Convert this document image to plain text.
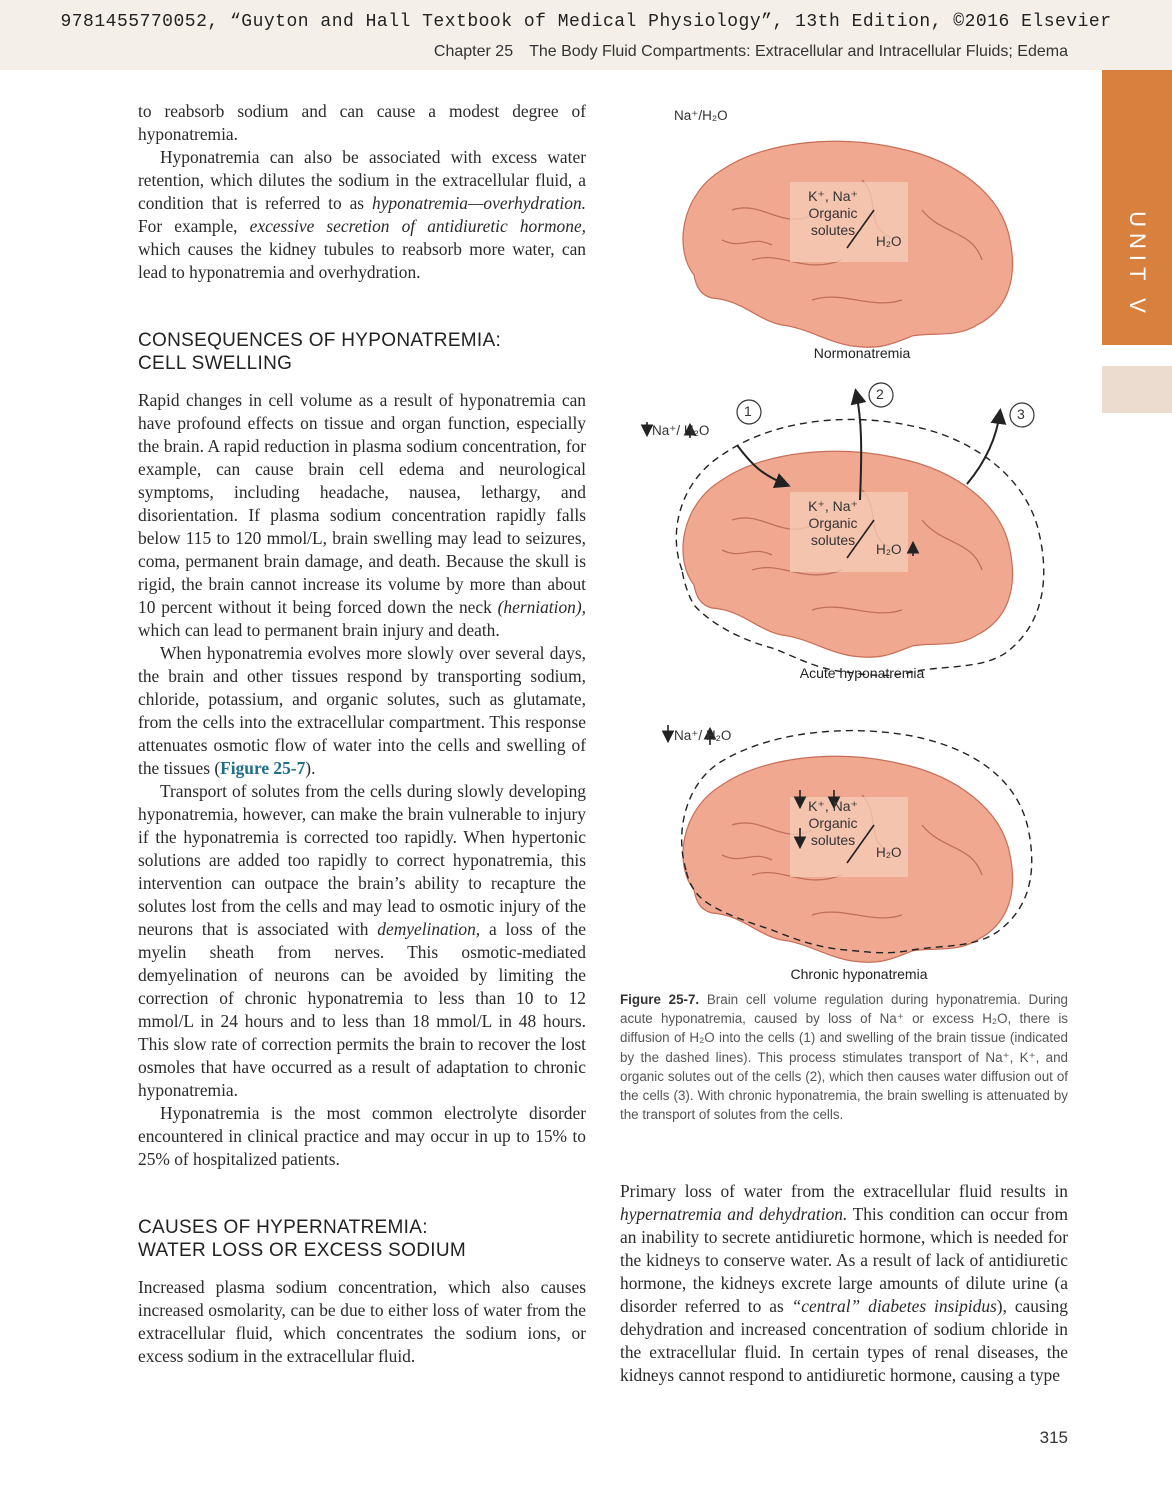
9781455770052, “Guyton and Hall Textbook of Medical Physiology”, 13th Edition, ©2016 Elsevier
Chapter 25 The Body Fluid Compartments: Extracellular and Intracellular Fluids; Edema
UNIT V

to reabsorb sodium and can cause a modest degree of hyponatremia.

Hyponatremia can also be associated with excess water retention, which dilutes the sodium in the extracellular fluid, a condition that is referred to as hyponatremia—overhydration. For example, excessive secretion of antidiuretic hormone, which causes the kidney tubules to reabsorb more water, can lead to hyponatremia and overhydration.

CONSEQUENCES OF HYPONATREMIA:
CELL SWELLING

Rapid changes in cell volume as a result of hyponatremia can have profound effects on tissue and organ function, especially the brain. A rapid reduction in plasma sodium concentration, for example, can cause brain cell edema and neurological symptoms, including headache, nausea, lethargy, and disorientation. If plasma sodium concentration rapidly falls below 115 to 120 mmol/L, brain swelling may lead to seizures, coma, permanent brain damage, and death. Because the skull is rigid, the brain cannot increase its volume by more than about 10 percent without it being forced down the neck (herniation), which can lead to permanent brain injury and death.

When hyponatremia evolves more slowly over several days, the brain and other tissues respond by transporting sodium, chloride, potassium, and organic solutes, such as glutamate, from the cells into the extracellular compartment. This response attenuates osmotic flow of water into the cells and swelling of the tissues (Figure 25-7).

Transport of solutes from the cells during slowly developing hyponatremia, however, can make the brain vulnerable to injury if the hyponatremia is corrected too rapidly. When hypertonic solutions are added too rapidly to correct hyponatremia, this intervention can outpace the brain’s ability to recapture the solutes lost from the cells and may lead to osmotic injury of the neurons that is associated with demyelination, a loss of the myelin sheath from nerves. This osmotic-mediated demyelination of neurons can be avoided by limiting the correction of chronic hyponatremia to less than 10 to 12 mmol/L in 24 hours and to less than 18 mmol/L in 48 hours. This slow rate of correction permits the brain to recover the lost osmoles that have occurred as a result of adaptation to chronic hyponatremia.

Hyponatremia is the most common electrolyte disorder encountered in clinical practice and may occur in up to 15% to 25% of hospitalized patients.

CAUSES OF HYPERNATREMIA:
WATER LOSS OR EXCESS SODIUM

Increased plasma sodium concentration, which also causes increased osmolarity, can be due to either loss of water from the extracellular fluid, which concentrates the sodium ions, or excess sodium in the extracellular fluid.

Na⁺/H₂O
K⁺, Na⁺
Organic
solutes
H₂O
Normonatremia
Na⁺/ H₂O
1
2
3
K⁺, Na⁺
Organic
solutes
H₂O
Acute hyponatremia
Na⁺/ H₂O
K⁺, Na⁺
Organic
solutes
H₂O
Chronic hyponatremia
Figure 25-7. Brain cell volume regulation during hyponatremia. During acute hyponatremia, caused by loss of Na⁺ or excess H₂O, there is diffusion of H₂O into the cells (1) and swelling of the brain tissue (indicated by the dashed lines). This process stimulates transport of Na⁺, K⁺, and organic solutes out of the cells (2), which then causes water diffusion out of the cells (3). With chronic hyponatremia, the brain swelling is attenuated by the transport of solutes from the cells.

Primary loss of water from the extracellular fluid results in hypernatremia and dehydration. This condition can occur from an inability to secrete antidiuretic hormone, which is needed for the kidneys to conserve water. As a result of lack of antidiuretic hormone, the kidneys excrete large amounts of dilute urine (a disorder referred to as “central” diabetes insipidus), causing dehydration and increased concentration of sodium chloride in the extracellular fluid. In certain types of renal diseases, the kidneys cannot respond to antidiuretic hormone, causing a type

315
